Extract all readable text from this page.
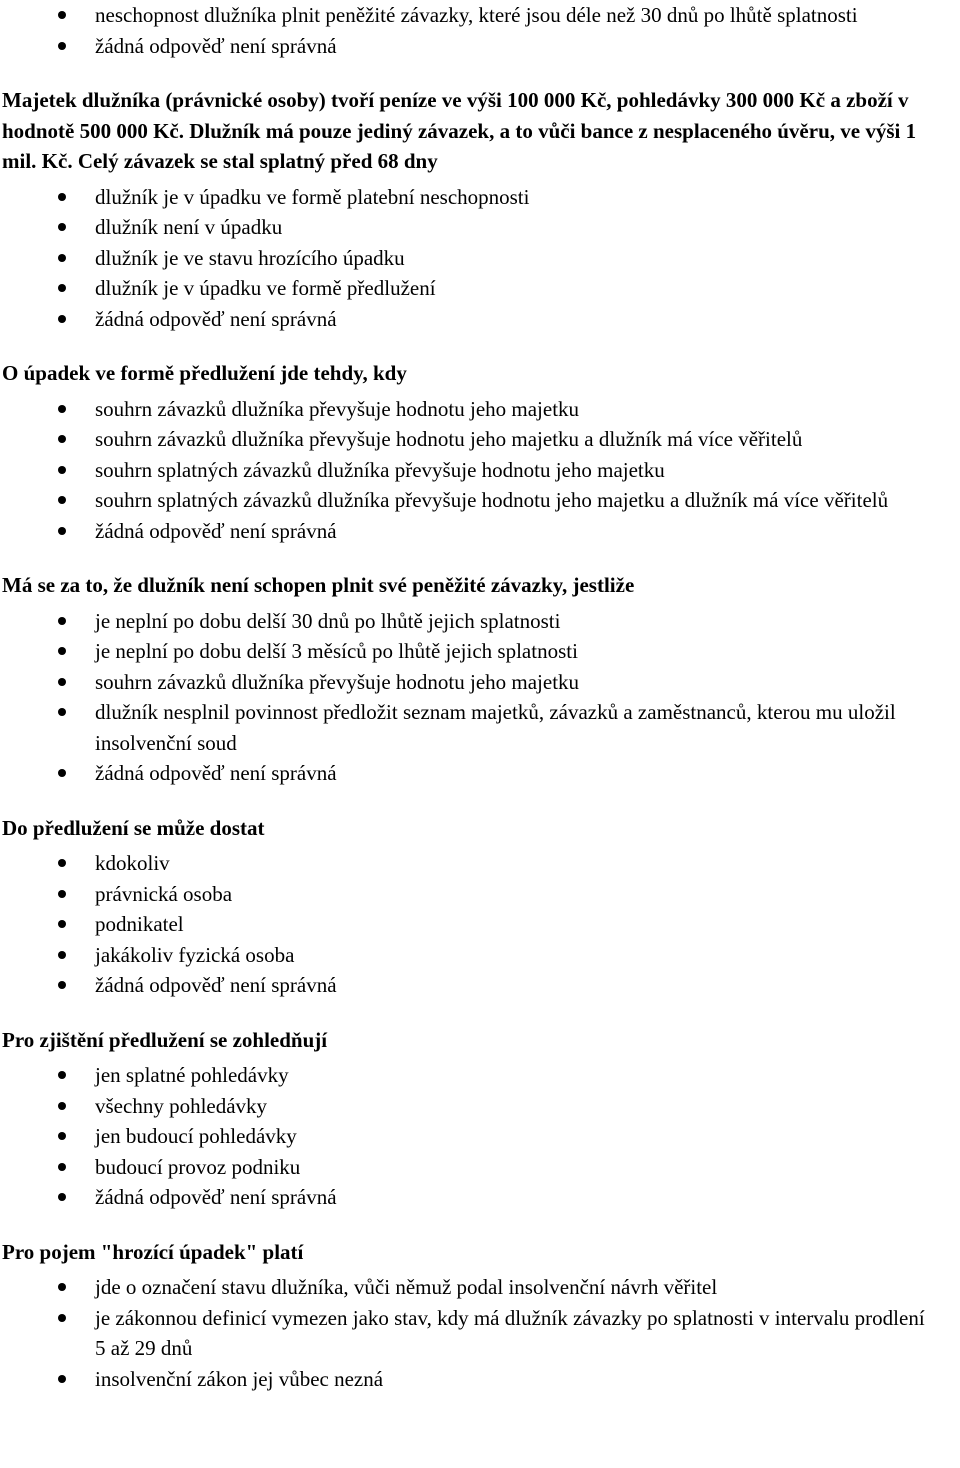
neschopnost dlužníka plnit peněžité závazky, které jsou déle než 30 dnů po lhůtě splatnosti
žádná odpověď není správná
Majetek dlužníka (právnické osoby) tvoří peníze ve výši 100 000 Kč, pohledávky 300 000 Kč a zboží v hodnotě 500 000 Kč. Dlužník má pouze jediný závazek, a to vůči bance z nesplaceného úvěru, ve výši 1 mil. Kč. Celý závazek se stal splatný před 68 dny
dlužník je v úpadku ve formě platební neschopnosti
dlužník není v úpadku
dlužník je ve stavu hrozícího úpadku
dlužník je v úpadku ve formě předlužení
žádná odpověď není správná
O úpadek ve formě předlužení jde tehdy, kdy
souhrn závazků dlužníka převyšuje hodnotu jeho majetku
souhrn závazků dlužníka převyšuje hodnotu jeho majetku a dlužník má více věřitelů
souhrn splatných závazků dlužníka převyšuje hodnotu jeho majetku
souhrn splatných závazků dlužníka převyšuje hodnotu jeho majetku a dlužník má více věřitelů
žádná odpověď není správná
Má se za to, že dlužník není schopen plnit své peněžité závazky, jestliže
je neplní po dobu delší 30 dnů po lhůtě jejich splatnosti
je neplní po dobu delší 3 měsíců po lhůtě jejich splatnosti
souhrn závazků dlužníka převyšuje hodnotu jeho majetku
dlužník nesplnil povinnost předložit seznam majetků, závazků a zaměstnanců, kterou mu uložil insolvenční soud
žádná odpověď není správná
Do předlužení se může dostat
kdokoliv
právnická osoba
podnikatel
jakákoliv fyzická osoba
žádná odpověď není správná
Pro zjištění předlužení se zohledňují
jen splatné pohledávky
všechny pohledávky
jen budoucí pohledávky
budoucí provoz podniku
žádná odpověď není správná
Pro pojem "hrozící úpadek" platí
jde o označení stavu dlužníka, vůči němuž podal insolvenční návrh věřitel
je zákonnou definicí vymezen jako stav, kdy má dlužník závazky po splatnosti v intervalu prodlení 5 až 29 dnů
insolvenční zákon jej vůbec nezná
